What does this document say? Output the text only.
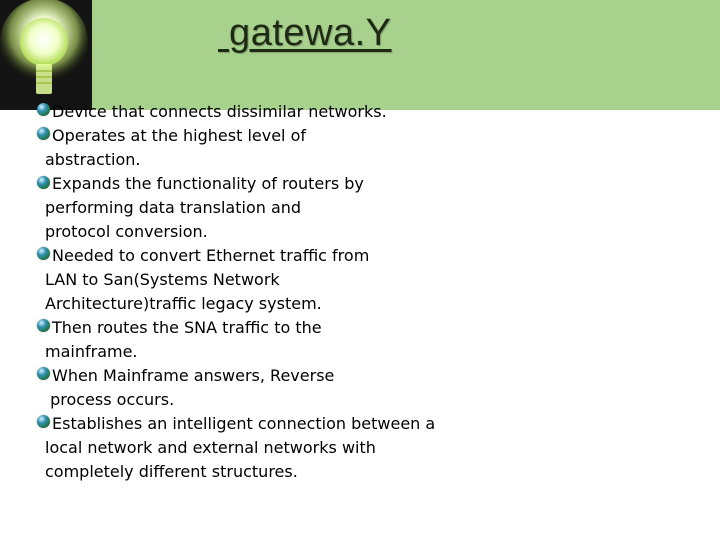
gatewa.Y
Device that connects dissimilar networks.
Operates at the highest level of
abstraction.
Expands the functionality of routers by
performing data translation and
protocol conversion.
Needed to convert Ethernet traffic from
LAN to San(Systems Network
Architecture)traffic legacy system.
Then routes the SNA traffic to the
mainframe.
When Mainframe answers, Reverse
process occurs.
Establishes an intelligent connection between a
local network and external networks with
completely different structures.
